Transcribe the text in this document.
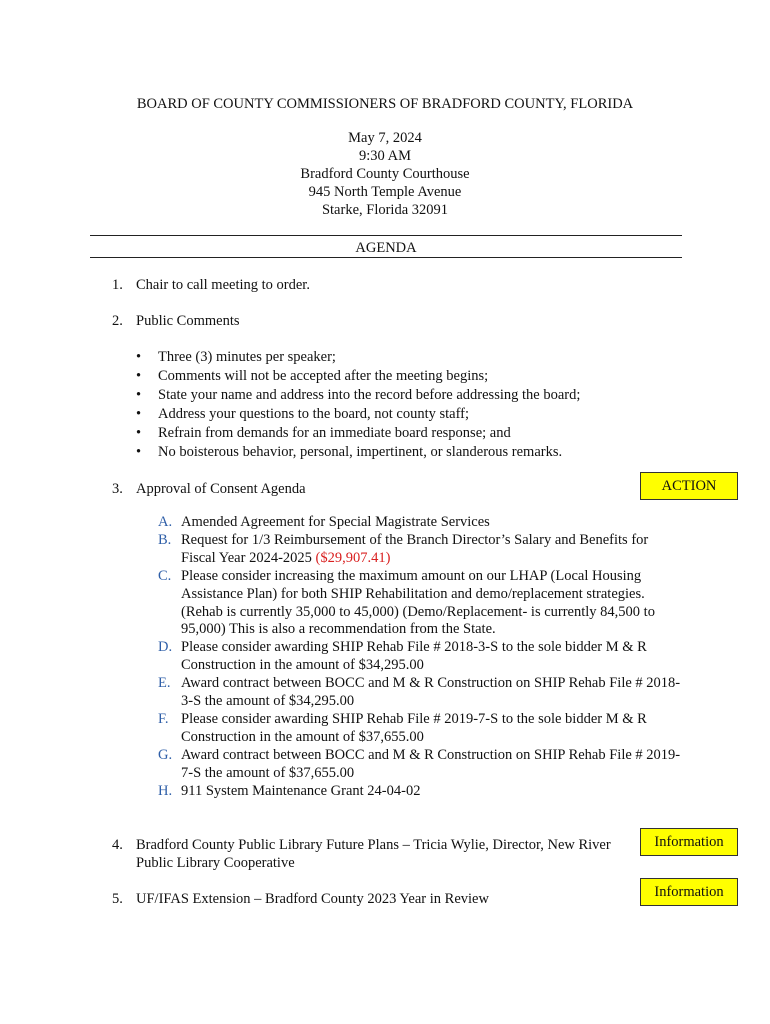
BOARD OF COUNTY COMMISSIONERS OF BRADFORD COUNTY, FLORIDA
May 7, 2024
9:30 AM
Bradford County Courthouse
945 North Temple Avenue
Starke, Florida 32091
AGENDA
1. Chair to call meeting to order.
2. Public Comments
• Three (3) minutes per speaker;
• Comments will not be accepted after the meeting begins;
• State your name and address into the record before addressing the board;
• Address your questions to the board, not county staff;
• Refrain from demands for an immediate board response; and
• No boisterous behavior, personal, impertinent, or slanderous remarks.
3. Approval of Consent Agenda	ACTION
A. Amended Agreement for Special Magistrate Services
B. Request for 1/3 Reimbursement of the Branch Director’s Salary and Benefits for Fiscal Year 2024-2025 ($29,907.41)
C. Please consider increasing the maximum amount on our LHAP (Local Housing Assistance Plan) for both SHIP Rehabilitation and demo/replacement strategies. (Rehab is currently 35,000 to 45,000) (Demo/Replacement- is currently 84,500 to 95,000) This is also a recommendation from the State.
D. Please consider awarding SHIP Rehab File # 2018-3-S to the sole bidder M & R Construction in the amount of $34,295.00
E. Award contract between BOCC and M & R Construction on SHIP Rehab File # 2018-3-S the amount of $34,295.00
F. Please consider awarding SHIP Rehab File # 2019-7-S to the sole bidder M & R Construction in the amount of $37,655.00
G. Award contract between BOCC and M & R Construction on SHIP Rehab File # 2019-7-S the amount of $37,655.00
H. 911 System Maintenance Grant 24-04-02
4. Bradford County Public Library Future Plans – Tricia Wylie, Director, New River Public Library Cooperative
Information
5. UF/IFAS Extension – Bradford County 2023 Year in Review	Information
